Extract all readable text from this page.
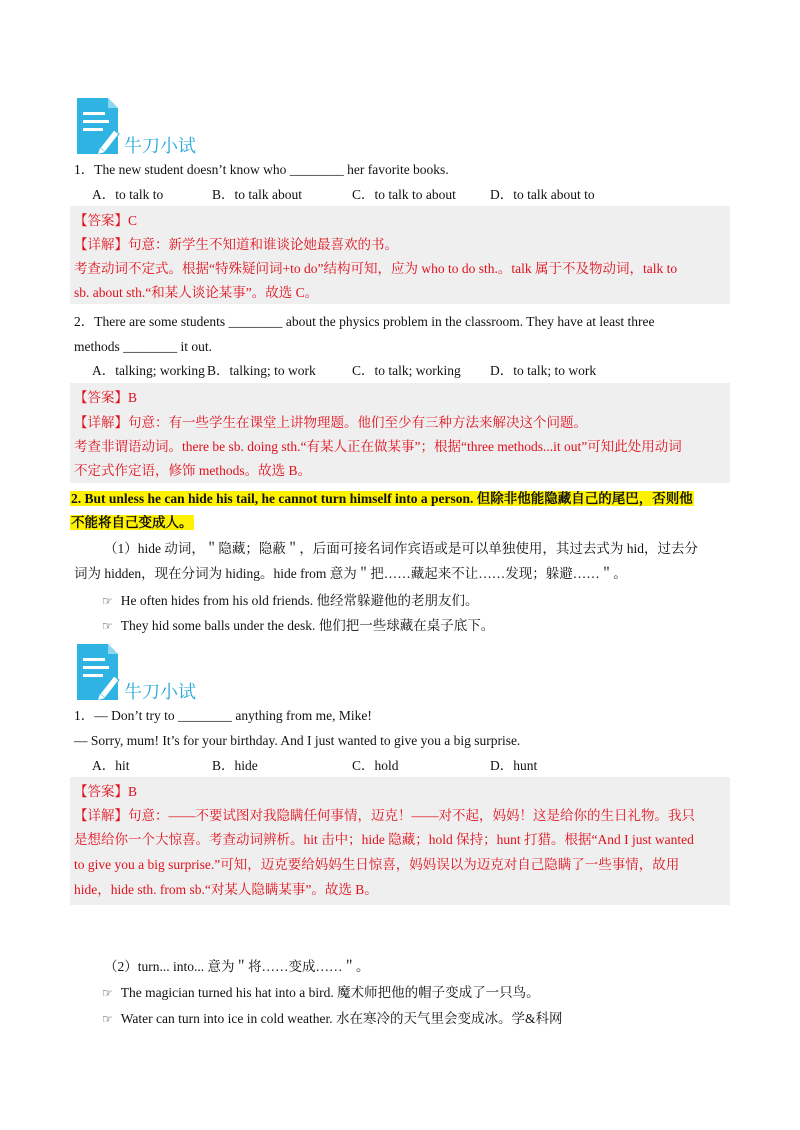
牛刀小试
1．The new student doesn’t know who ________ her favorite books.
A．to talk to	B．to talk about	C．to talk to about	D．to talk about to
【答案】C
【详解】句意：新学生不知道和谁谈论她最喜欢的书。
考查动词不定式。根据“特殊疑问词+to do”结构可知，应为 who to do sth.。talk 属于不及物动词，talk to
sb. about sth.“和某人谈论某事”。故选 C。
2．There are some students ________ about the physics problem in the classroom. They have at least three
methods ________ it out.
A．talking; working B．talking; to work	C．to talk; working D．to talk; to work
【答案】B
【详解】句意：有一些学生在课堂上讲物理题。他们至少有三种方法来解决这个问题。
考查非谓语动词。there be sb. doing sth.“有某人正在做某事”；根据“three methods...it out”可知此处用动词
不定式作定语，修饰 methods。故选 B。
2. But unless he can hide his tail, he cannot turn himself into a person. 但除非他能隐藏自己的尾巴，否则他
不能将自己变成人。
（1）hide 动词，＂隐藏；隐蔽＂，后面可接名词作宾语或是可以单独使用，其过去式为 hid，过去分
词为 hidden，现在分词为 hiding。hide from 意为＂把……藏起来不让……发现；躲避……＂。
☞ He often hides from his old friends. 他经常躲避他的老朋友们。
☞ They hid some balls under the desk. 他们把一些球藏在桌子底下。
牛刀小试
1．— Don’t try to ________ anything from me, Mike!
— Sorry, mum! It’s for your birthday. And I just wanted to give you a big surprise.
A．hit	B．hide	C．hold	D．hunt
【答案】B
【详解】句意：——不要试图对我隐瞒任何事情，迈克！——对不起，妈妈！这是给你的生日礼物。我只
是想给你一个大惊喜。考查动词辨析。hit 击中；hide 隐藏；hold 保持；hunt 打猎。根据“And I just wanted
to give you a big surprise.”可知，迈克要给妈妈生日惊喜，妈妈误以为迈克对自己隐瞒了一些事情，故用
hide，hide sth. from sb.“对某人隐瞒某事”。故选 B。
（2）turn... into... 意为＂将……变成……＂。
☞ The magician turned his hat into a bird. 魔术师把他的帽子变成了一只鸟。
☞ Water can turn into ice in cold weather. 水在寒冷的天气里会变成冰。学&科网
